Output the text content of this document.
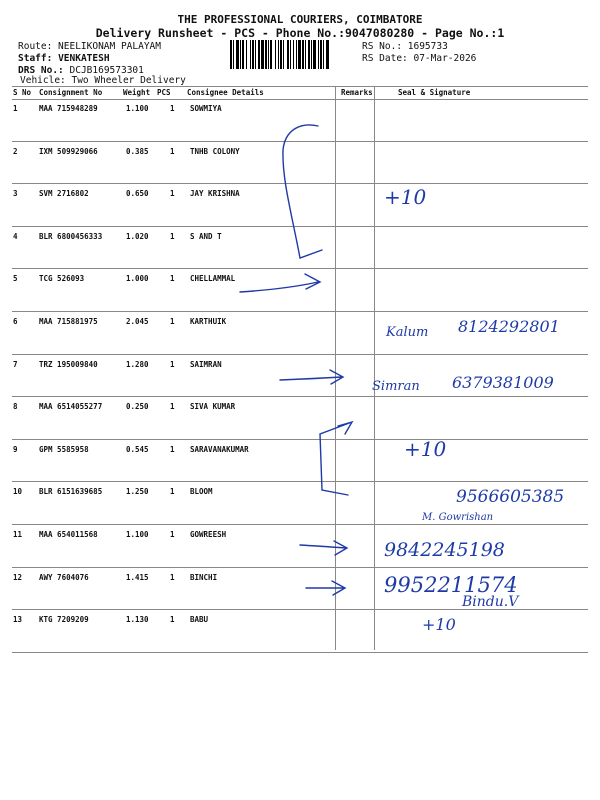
THE PROFESSIONAL COURIERS, COIMBATORE
Delivery Runsheet - PCS - Phone No.:9047080280 - Page No.:1
Route: NEELIKONAM PALAYAM
Staff: VENKATESH
DRS No.: DCJB169573301
Vehicle: Two Wheeler Delivery
RS No.: 1695733
RS Date: 07-Mar-2026
S No Consignment No	Weight PCS Consignee Details	Remarks	Seal & Signature
1	MAA 715948289	1.100	1 SOWMIYA
2	IXM 509929066	0.385	1 TNHB COLONY
3	SVM 2716802	0.650	1 JAY KRISHNA
4	BLR 6800456333	1.020	1 S AND T
5	TCG 526093	1.000	1 CHELLAMMAL
6	MAA 715881975	2.045	1 KARTHUIK
7	TRZ 195009840	1.280	1 SAIMRAN
8	MAA 6514055277	0.250	1 SIVA KUMAR
9	GPM 5585958	0.545	1 SARAVANAKUMAR
10 BLR 6151639685	1.250	1 BLOOM
11 MAA 654011568	1.100	1 GOWREESH
12 AWY 7604076	1.415	1 BINCHI
13 KTG 7209209	1.130	1 BABU
+10
Kalum 8124292801
Simran 6379381009
+10
9566605385
M. Gowrishan
9842245198
9952211574
Bindu.V
+10
